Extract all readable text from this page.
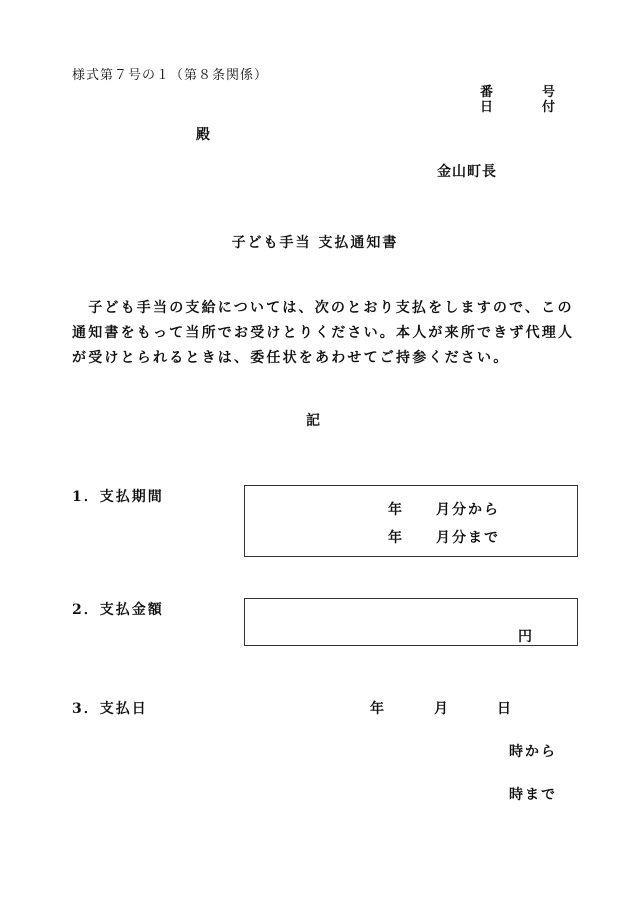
様式第７号の１（第８条関係）
番	号
日	付
殿
金山町長
子ども手当 支払通知書
　子ども手当の支給については、次のとおり支払をしますので、この
通知書をもって当所でお受けとりください。本人が来所できず代理人
が受けとられるときは、委任状をあわせてご持参ください。
記
1．支払期間
年 月分から
年 月分まで
2．支払金額
円
3．支払日	年	月	日
時から
時まで
